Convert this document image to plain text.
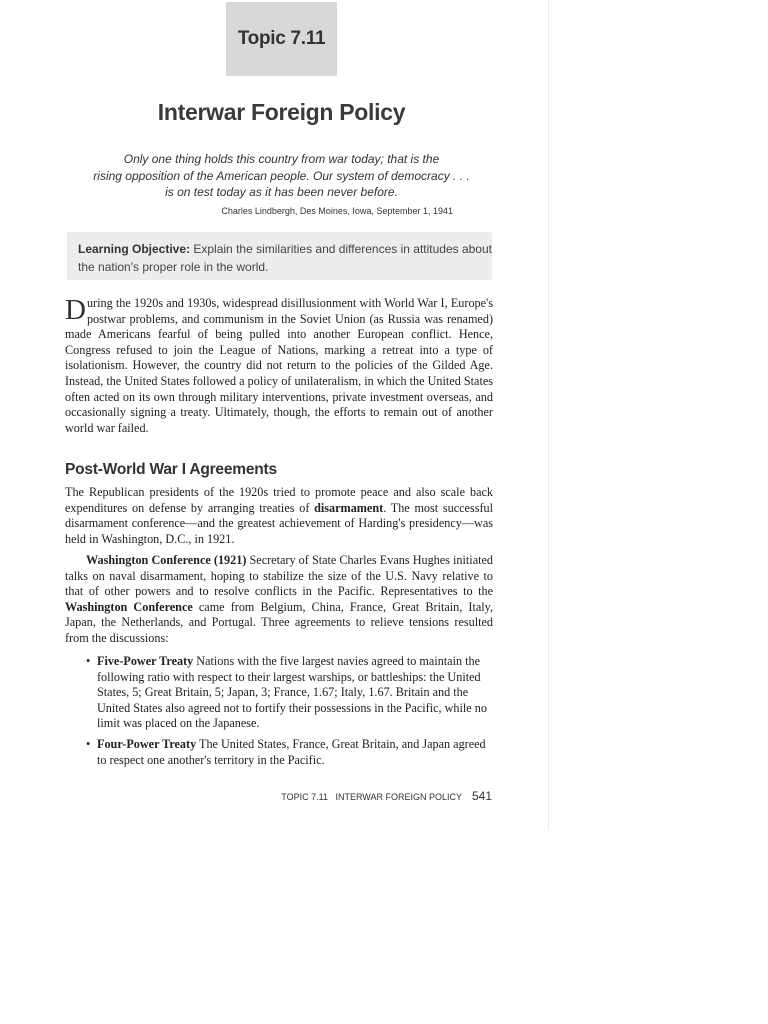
Topic 7.11
Interwar Foreign Policy
Only one thing holds this country from war today; that is the
rising opposition of the American people. Our system of democracy . . .
is on test today as it has been never before.
Charles Lindbergh, Des Moines, Iowa, September 1, 1941
Learning Objective: Explain the similarities and differences in attitudes about the nation's proper role in the world.

During the 1920s and 1930s, widespread disillusionment with World War I, Europe's postwar problems, and communism in the Soviet Union (as Russia was renamed) made Americans fearful of being pulled into another European conflict. Hence, Congress refused to join the League of Nations, marking a retreat into a type of isolationism. However, the country did not return to the policies of the Gilded Age. Instead, the United States followed a policy of unilateralism, in which the United States often acted on its own through military interventions, private investment overseas, and occasionally signing a treaty. Ultimately, though, the efforts to remain out of another world war failed.

Post-World War I Agreements

The Republican presidents of the 1920s tried to promote peace and also scale back expenditures on defense by arranging treaties of disarmament. The most successful disarmament conference—and the greatest achievement of Harding's presidency—was held in Washington, D.C., in 1921.

Washington Conference (1921) Secretary of State Charles Evans Hughes initiated talks on naval disarmament, hoping to stabilize the size of the U.S. Navy relative to that of other powers and to resolve conflicts in the Pacific. Representatives to the Washington Conference came from Belgium, China, France, Great Britain, Italy, Japan, the Netherlands, and Portugal. Three agreements to relieve tensions resulted from the discussions:

• Five-Power Treaty Nations with the five largest navies agreed to maintain the following ratio with respect to their largest warships, or battleships: the United States, 5; Great Britain, 5; Japan, 3; France, 1.67; Italy, 1.67. Britain and the United States also agreed not to fortify their possessions in the Pacific, while no limit was placed on the Japanese.
• Four-Power Treaty The United States, France, Great Britain, and Japan agreed to respect one another's territory in the Pacific.
TOPIC 7.11   INTERWAR FOREIGN POLICY 541
